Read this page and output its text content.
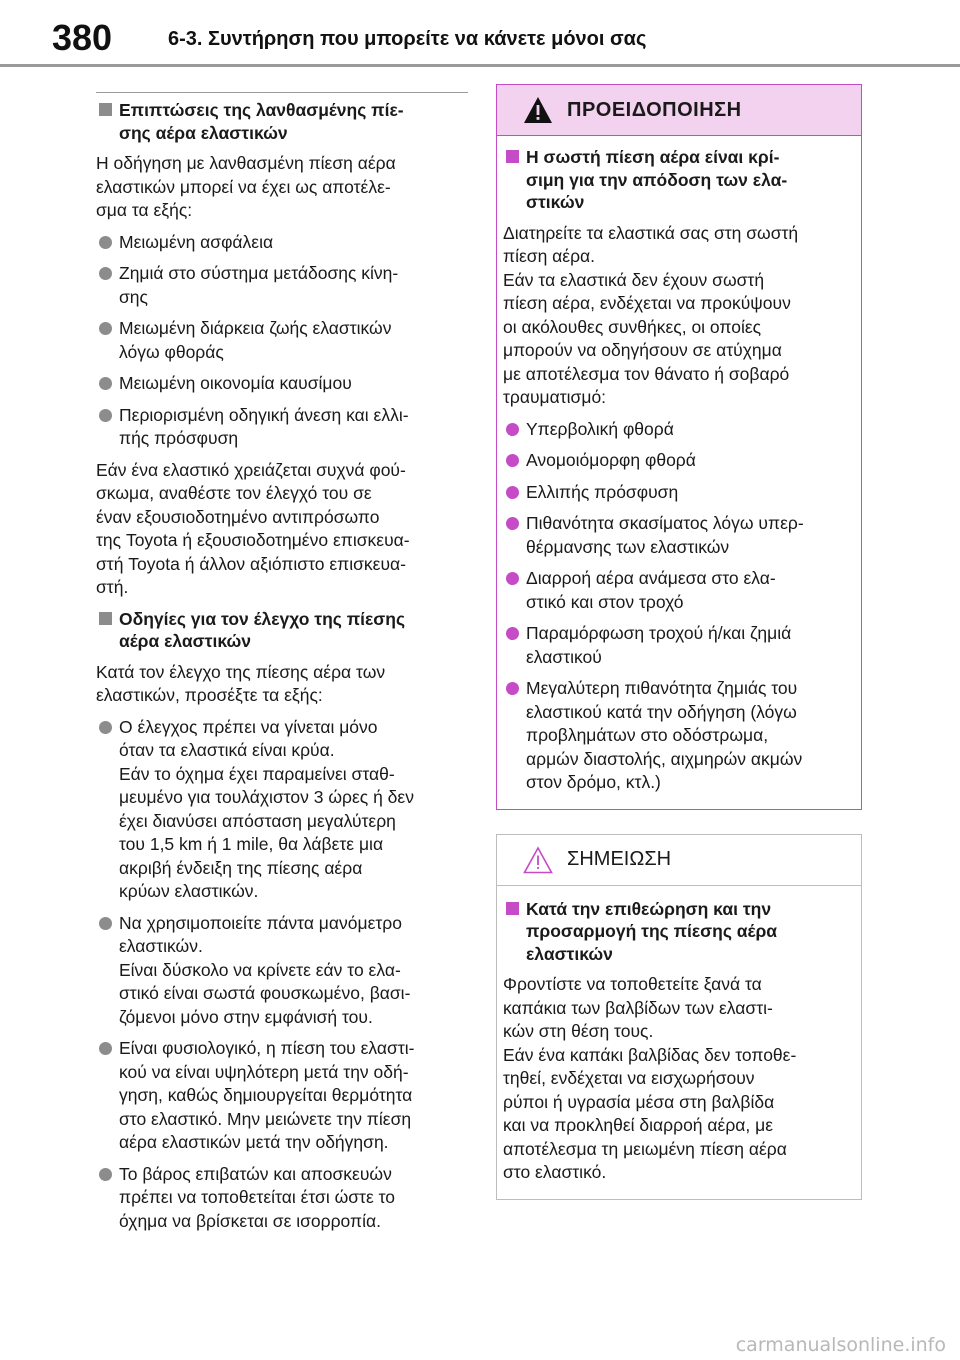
380	6-3. Συντήρηση που μπορείτε να κάνετε μόνοι σας
Επιπτώσεις της λανθασμένης πίε-
σης αέρα ελαστικών
Η οδήγηση με λανθασμένη πίεση αέρα
ελαστικών μπορεί να έχει ως αποτέλε-
σμα τα εξής:
Μειωμένη ασφάλεια
Ζημιά στο σύστημα μετάδοσης κίνη-
σης
Μειωμένη διάρκεια ζωής ελαστικών
λόγω φθοράς
Μειωμένη οικονομία καυσίμου
Περιορισμένη οδηγική άνεση και ελλι-
πής πρόσφυση
Εάν ένα ελαστικό χρειάζεται συχνά φού-
σκωμα, αναθέστε τον έλεγχό του σε
έναν εξουσιοδοτημένο αντιπρόσωπο
της Toyota ή εξουσιοδοτημένο επισκευα-
στή Toyota ή άλλον αξιόπιστο επισκευα-
στή.
Οδηγίες για τον έλεγχο της πίεσης
αέρα ελαστικών
Κατά τον έλεγχο της πίεσης αέρα των
ελαστικών, προσέξτε τα εξής:
Ο έλεγχος πρέπει να γίνεται μόνο
όταν τα ελαστικά είναι κρύα.
Εάν το όχημα έχει παραμείνει σταθ-
μευμένο για τουλάχιστον 3 ώρες ή δεν
έχει διανύσει απόσταση μεγαλύτερη
του 1,5 km ή 1 mile, θα λάβετε μια
ακριβή ένδειξη της πίεσης αέρα
κρύων ελαστικών.
Να χρησιμοποιείτε πάντα μανόμετρο
ελαστικών.
Είναι δύσκολο να κρίνετε εάν το ελα-
στικό είναι σωστά φουσκωμένο, βασι-
ζόμενοι μόνο στην εμφάνισή του.
Είναι φυσιολογικό, η πίεση του ελαστι-
κού να είναι υψηλότερη μετά την οδή-
γηση, καθώς δημιουργείται θερμότητα
στο ελαστικό. Μην μειώνετε την πίεση
αέρα ελαστικών μετά την οδήγηση.
Το βάρος επιβατών και αποσκευών
πρέπει να τοποθετείται έτσι ώστε το
όχημα να βρίσκεται σε ισορροπία.
ΠΡΟΕΙΔΟΠΟΙΗΣΗ
Η σωστή πίεση αέρα είναι κρί-
σιμη για την απόδοση των ελα-
στικών
Διατηρείτε τα ελαστικά σας στη σωστή
πίεση αέρα.
Εάν τα ελαστικά δεν έχουν σωστή
πίεση αέρα, ενδέχεται να προκύψουν
οι ακόλουθες συνθήκες, οι οποίες
μπορούν να οδηγήσουν σε ατύχημα
με αποτέλεσμα τον θάνατο ή σοβαρό
τραυματισμό:
Υπερβολική φθορά
Ανομοιόμορφη φθορά
Ελλιπής πρόσφυση
Πιθανότητα σκασίματος λόγω υπερ-
θέρμανσης των ελαστικών
Διαρροή αέρα ανάμεσα στο ελα-
στικό και στον τροχό
Παραμόρφωση τροχού ή/και ζημιά
ελαστικού
Μεγαλύτερη πιθανότητα ζημιάς του
ελαστικού κατά την οδήγηση (λόγω
προβλημάτων στο οδόστρωμα,
αρμών διαστολής, αιχμηρών ακμών
στον δρόμο, κτλ.)
ΣΗΜΕΙΩΣΗ
Κατά την επιθεώρηση και την
προσαρμογή της πίεσης αέρα
ελαστικών
Φροντίστε να τοποθετείτε ξανά τα
καπάκια των βαλβίδων των ελαστι-
κών στη θέση τους.
Εάν ένα καπάκι βαλβίδας δεν τοποθε-
τηθεί, ενδέχεται να εισχωρήσουν
ρύποι ή υγρασία μέσα στη βαλβίδα
και να προκληθεί διαρροή αέρα, με
αποτέλεσμα τη μειωμένη πίεση αέρα
στο ελαστικό.
carmanualsonline.info
